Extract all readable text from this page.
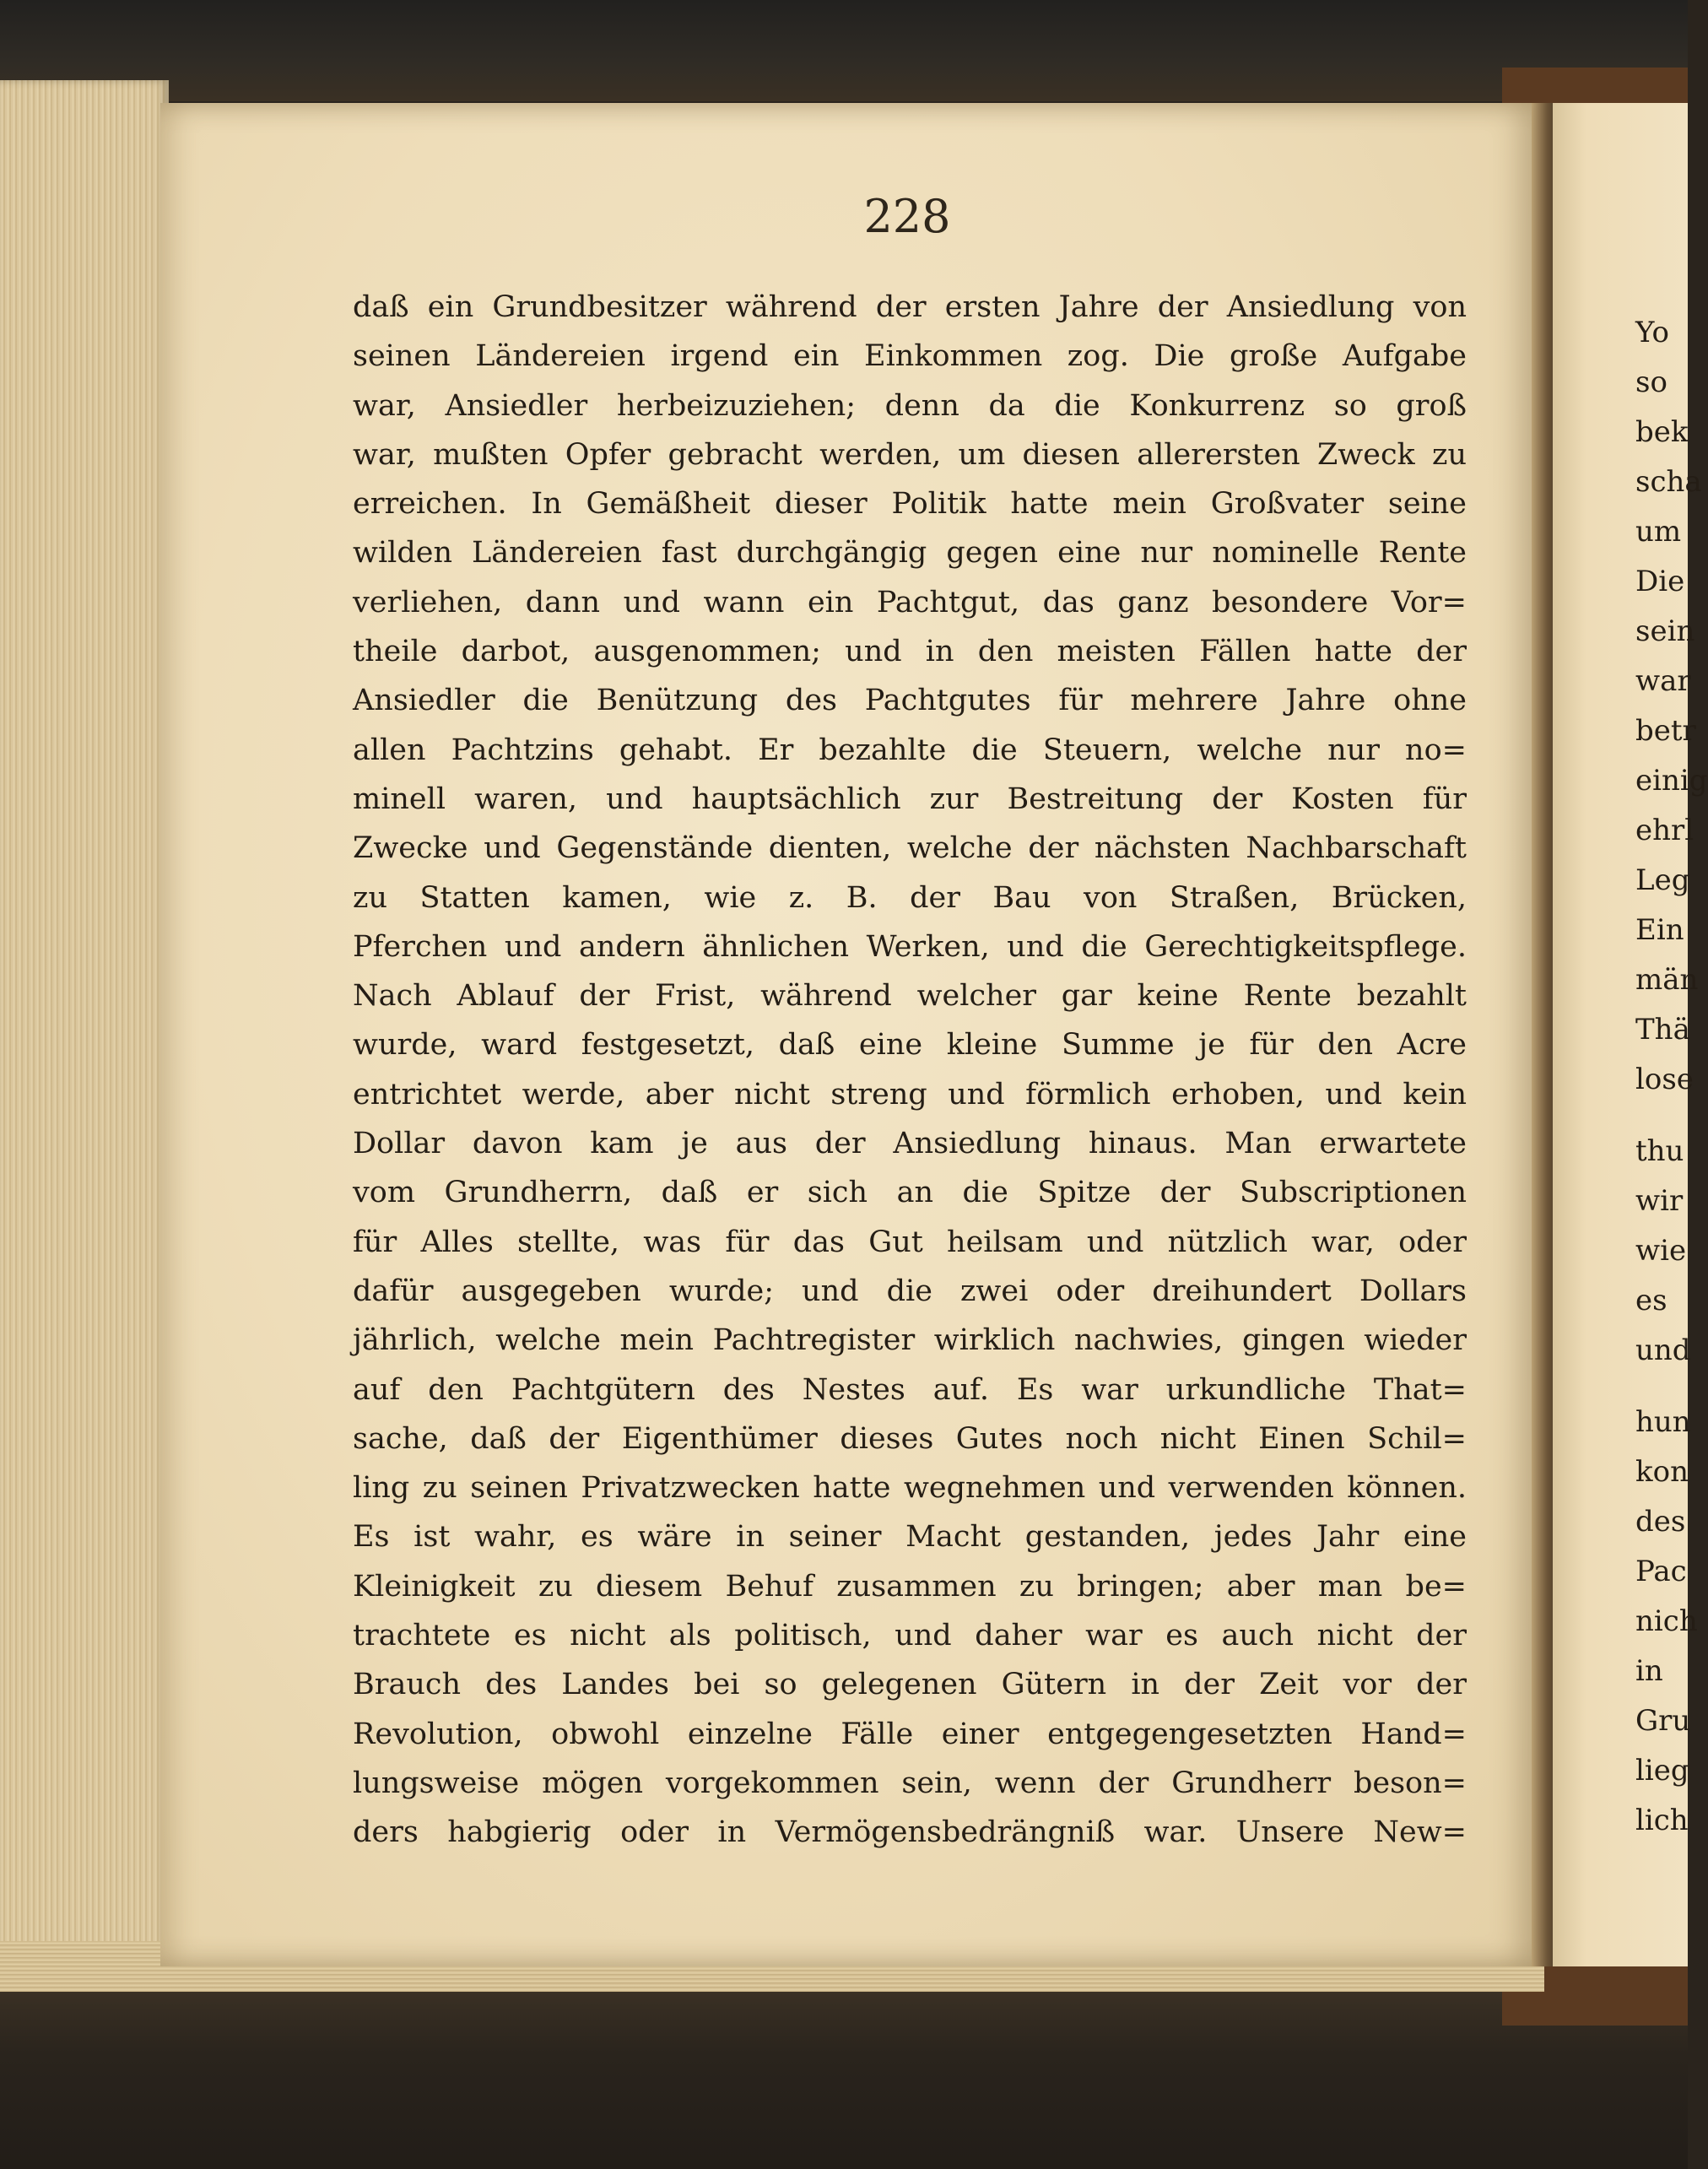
228
daß ein Grundbesitzer während der ersten Jahre der Ansiedlung von
seinen Ländereien irgend ein Einkommen zog. Die große Aufgabe
war, Ansiedler herbeizuziehen; denn da die Konkurrenz so groß
war, mußten Opfer gebracht werden, um diesen allerersten Zweck zu
erreichen. In Gemäßheit dieser Politik hatte mein Großvater seine
wilden Ländereien fast durchgängig gegen eine nur nominelle Rente
verliehen, dann und wann ein Pachtgut, das ganz besondere Vor=
theile darbot, ausgenommen; und in den meisten Fällen hatte der
Ansiedler die Benützung des Pachtgutes für mehrere Jahre ohne
allen Pachtzins gehabt. Er bezahlte die Steuern, welche nur no=
minell waren, und hauptsächlich zur Bestreitung der Kosten für
Zwecke und Gegenstände dienten, welche der nächsten Nachbarschaft
zu Statten kamen, wie z. B. der Bau von Straßen, Brücken,
Pferchen und andern ähnlichen Werken, und die Gerechtigkeitspflege.
Nach Ablauf der Frist, während welcher gar keine Rente bezahlt
wurde, ward festgesetzt, daß eine kleine Summe je für den Acre
entrichtet werde, aber nicht streng und förmlich erhoben, und kein
Dollar davon kam je aus der Ansiedlung hinaus. Man erwartete
vom Grundherrn, daß er sich an die Spitze der Subscriptionen
für Alles stellte, was für das Gut heilsam und nützlich war, oder
dafür ausgegeben wurde; und die zwei oder dreihundert Dollars
jährlich, welche mein Pachtregister wirklich nachwies, gingen wieder
auf den Pachtgütern des Nestes auf. Es war urkundliche That=
sache, daß der Eigenthümer dieses Gutes noch nicht Einen Schil=
ling zu seinen Privatzwecken hatte wegnehmen und verwenden können.
Es ist wahr, es wäre in seiner Macht gestanden, jedes Jahr eine
Kleinigkeit zu diesem Behuf zusammen zu bringen; aber man be=
trachtete es nicht als politisch, und daher war es auch nicht der
Brauch des Landes bei so gelegenen Gütern in der Zeit vor der
Revolution, obwohl einzelne Fälle einer entgegengesetzten Hand=
lungsweise mögen vorgekommen sein, wenn der Grundherr beson=
ders habgierig oder in Vermögensbedrängniß war. Unsere New=
Yo
so
bek
scha
um
Die
sein
war
betr
einig
ehrl
Leg
Ein
män
Thä
lose
thu
wir
wie
es
und
hun
kon
des
Pac
nich
in
Gru
lieg
lich
